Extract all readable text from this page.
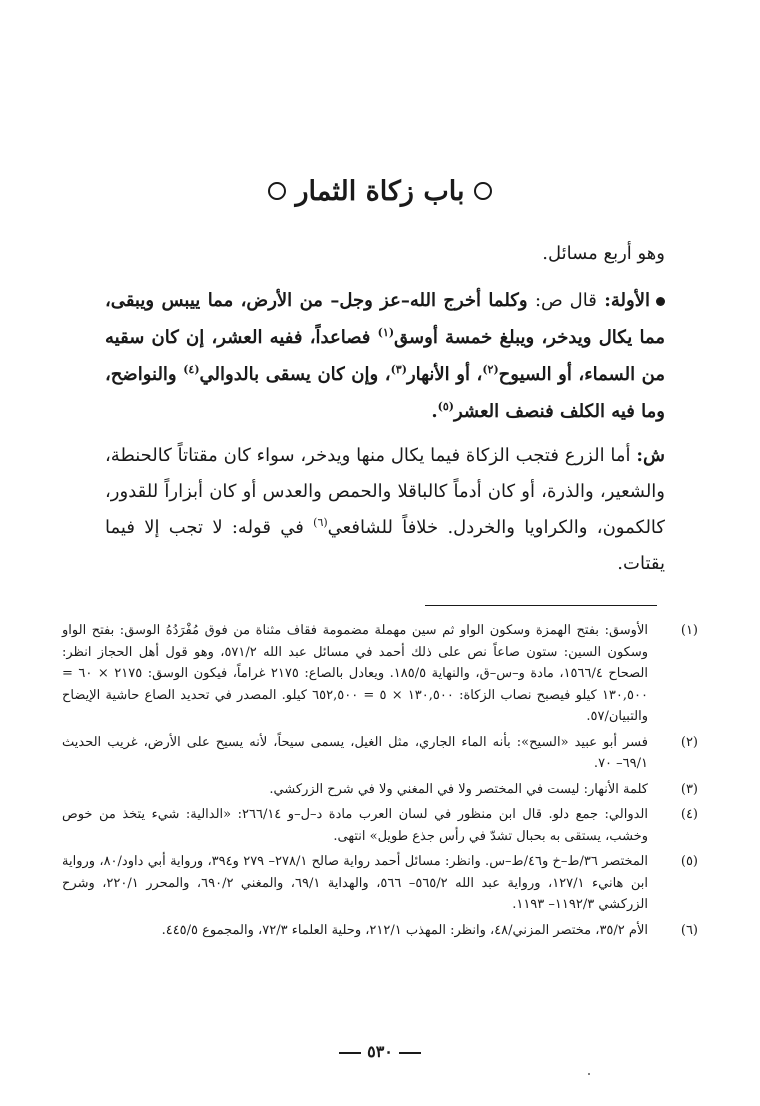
باب زكاة الثمار
وهو أربع مسائل.
الأولة: قال ص: وكلما أخرج الله–عز وجل– من الأرض، مما ييبس ويبقى، مما يكال ويدخر، ويبلغ خمسة أوسق$^{(١)}$ فصاعداً، ففيه العشر، إن كان سقيه من السماء، أو السيوح$^{(٢)}$، أو الأنهار$^{(٣)}$، وإن كان يسقى بالدوالي$^{(٤)}$ والنواضح، وما فيه الكلف فنصف العشر$^{(٥)}$.
ش: أما الزرع فتجب الزكاة فيما يكال منها ويدخر، سواء كان مقتاتاً كالحنطة، والشعير، والذرة، أو كان أدماً كالباقلا والحمص والعدس أو كان أبزاراً للقدور، كالكمون، والكراويا والخردل. خلافاً للشافعي$^{(٦)}$ في قوله: لا تجب إلا فيما يقتات.
(١)
الأوسق: بفتح الهمزة وسكون الواو ثم سين مهملة مضمومة فقاف مثناة من فوق مُفْرَدُهُ الوسق: بفتح الواو وسكون السين: ستون صاعاً نص على ذلك أحمد في مسائل عبد الله ٥٧١/٢، وهو قول أهل الحجاز انظر: الصحاح ١٥٦٦/٤، مادة و–س–ق، والنهاية ١٨٥/٥. ويعادل بالصاع: ٢١٧٥ غراماً، فيكون الوسق: ٢١٧٥ × ٦٠ = ١٣٠,٥٠٠ كيلو فيصبح نصاب الزكاة: ١٣٠,٥٠٠ × ٥ = ٦٥٢,٥٠٠ كيلو. المصدر في تحديد الصاع حاشية الإيضاح والتبيان/٥٧.
(٢)
فسر أبو عبيد «السيح»: بأنه الماء الجاري، مثل الغيل، يسمى سيحاً، لأنه يسيح على الأرض، غريب الحديث ٦٩/١– ٧٠.
(٣)
كلمة الأنهار: ليست في المختصر ولا في المغني ولا في شرح الزركشي.
(٤)
الدوالي: جمع دلو. قال ابن منظور في لسان العرب مادة د–ل–و ٢٦٦/١٤: «الدالية: شيء يتخذ من خوص وخشب، يستقى به بحبال تشدّ في رأس جذع طويل» انتهى.
(٥)
المختصر ٣٦/ط–خ و٤٦/ط–س. وانظر: مسائل أحمد رواية صالح ٢٧٨/١– ٢٧٩ و٣٩٤، ورواية أبي داود/٨٠، ورواية ابن هانيء ١٢٧/١، ورواية عبد الله ٥٦٥/٢– ٥٦٦، والهداية ٦٩/١، والمغني ٦٩٠/٢، والمحرر ٢٢٠/١، وشرح الزركشي ١١٩٢/٣– ١١٩٣.
(٦)
الأم ٣٥/٢، مختصر المزني/٤٨، وانظر: المهذب ٢١٢/١، وحلية العلماء ٧٢/٣، والمجموع ٤٤٥/٥.
٥٣٠
